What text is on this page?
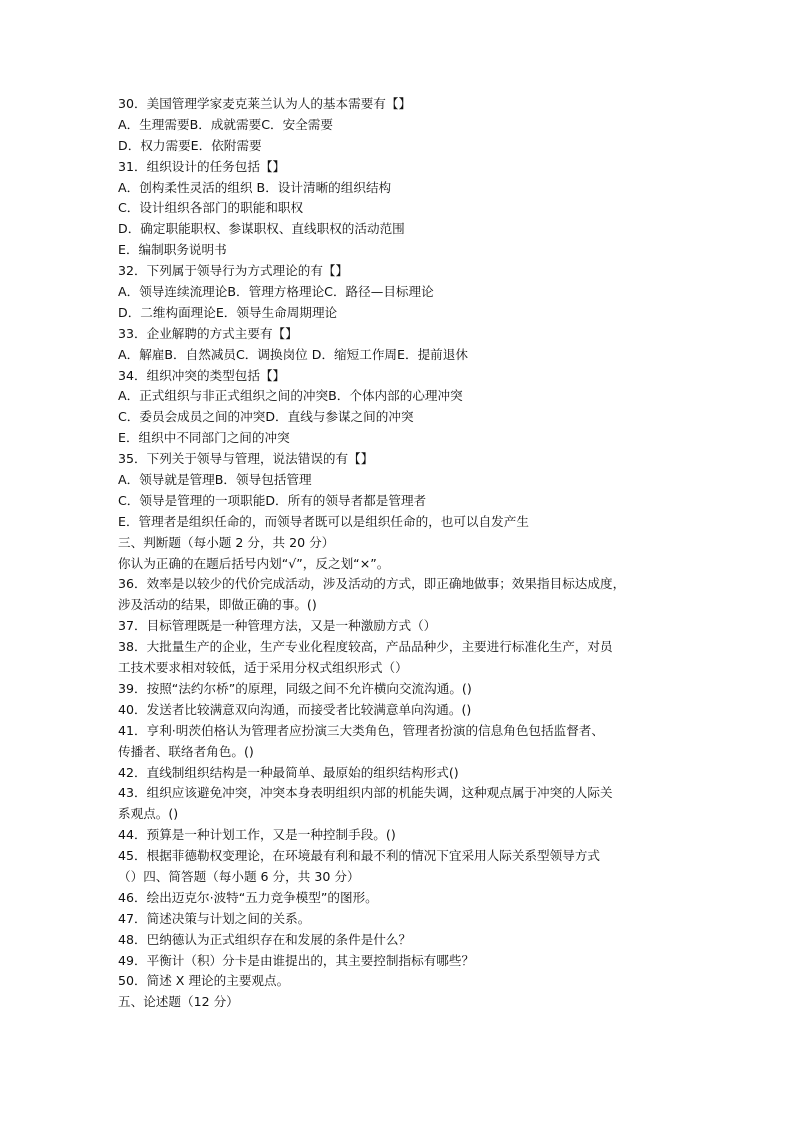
30．美国管理学家麦克莱兰认为人的基本需要有【】
A．生理需要B．成就需要C．安全需要
D．权力需要E．依附需要
31．组织设计的任务包括【】
A．创构柔性灵活的组织 B．设计清晰的组织结构
C．设计组织各部门的职能和职权
D．确定职能职权、参谋职权、直线职权的活动范围
E．编制职务说明书
32．下列属于领导行为方式理论的有【】
A．领导连续流理论B．管理方格理论C．路径—目标理论
D．二维构面理论E．领导生命周期理论
33．企业解聘的方式主要有【】
A．解雇B．自然减员C．调换岗位 D．缩短工作周E．提前退休
34．组织冲突的类型包括【】
A．正式组织与非正式组织之间的冲突B．个体内部的心理冲突
C．委员会成员之间的冲突D．直线与参谋之间的冲突
E．组织中不同部门之间的冲突
35．下列关于领导与管理，说法错误的有【】
A．领导就是管理B．领导包括管理
C．领导是管理的一项职能D．所有的领导者都是管理者
E．管理者是组织任命的，而领导者既可以是组织任命的，也可以自发产生
三、判断题（每小题 2 分，共 20 分）
你认为正确的在题后括号内划“√”，反之划“×”。
36．效率是以较少的代价完成活动，涉及活动的方式，即正确地做事；效果指目标达成度，
涉及活动的结果，即做正确的事。()
37．目标管理既是一种管理方法，又是一种激励方式（）
38．大批量生产的企业，生产专业化程度较高，产品品种少，主要进行标准化生产，对员
工技术要求相对较低，适于采用分权式组织形式（）
39．按照“法约尔桥”的原理，同级之间不允许横向交流沟通。()
40．发送者比较满意双向沟通，而接受者比较满意单向沟通。()
41．亨利·明茨伯格认为管理者应扮演三大类角色，管理者扮演的信息角色包括监督者、
传播者、联络者角色。()
42．直线制组织结构是一种最简单、最原始的组织结构形式()
43．组织应该避免冲突，冲突本身表明组织内部的机能失调，这种观点属于冲突的人际关
系观点。()
44．预算是一种计划工作，又是一种控制手段。()
45．根据菲德勒权变理论，在环境最有利和最不利的情况下宜采用人际关系型领导方式
（）四、简答题（每小题 6 分，共 30 分）
46．绘出迈克尔·波特“五力竞争模型”的图形。
47．简述决策与计划之间的关系。
48．巴纳德认为正式组织存在和发展的条件是什么？
49．平衡计（积）分卡是由谁提出的，其主要控制指标有哪些？
50．简述 X 理论的主要观点。
五、论述题（12 分）
